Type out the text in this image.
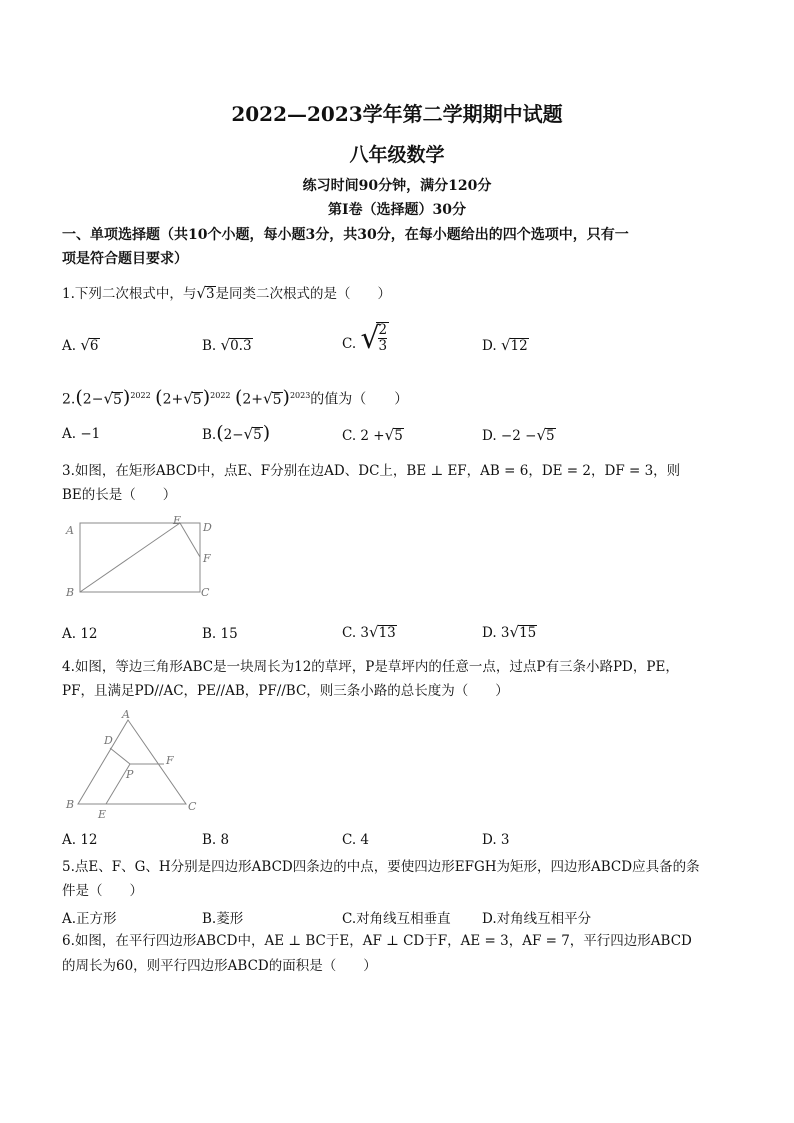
2022—2023学年第二学期期中试题
八年级数学
练习时间90分钟，满分120分
第Ⅰ卷（选择题）30分
一、单项选择题（共10个小题，每小题3分，共30分，在每小题给出的四个选项中，只有一
项是符合题目要求）
1.下列二次根式中，与√3是同类二次根式的是（　　）
A. √6	B. √0.3	C. √
$\frac{2}{3}$	D. √12
$2.(2-√5)^{2022}$ $(2+√5)^{2022}$ $(2+√5)^{2023}$的值为（　　）
A. −1	B.(2−√5)	C. 2 +√5	D. −2 −√5
3.如图，在矩形ABCD中，点E、F分别在边AD、DC上，BE ⊥ EF，AB = 6，DE = 2，DF = 3，则
BE的长是（　　）
A
E
D
F
B	C
A. 12	B. 15	C. 3√13	D. 3√15
4.如图，等边三角形ABC是一块周长为12的草坪，P是草坪内的任意一点，过点P有三条小路PD，PE，
PF，且满足PD//AC，PE//AB，PF//BC，则三条小路的总长度为（　　）
A
D
P
F
B
E
C
A. 12	B. 8	C. 4	D. 3
5.点E、F、G、H分别是四边形ABCD四条边的中点，要使四边形EFGH为矩形，四边形ABCD应具备的条
件是（　　）
A.正方形	B.菱形	C.对角线互相垂直 D.对角线互相平分
6.如图，在平行四边形ABCD中，AE ⊥ BC于E，AF ⊥ CD于F，AE = 3，AF = 7，平行四边形ABCD
的周长为60，则平行四边形ABCD的面积是（　　）
